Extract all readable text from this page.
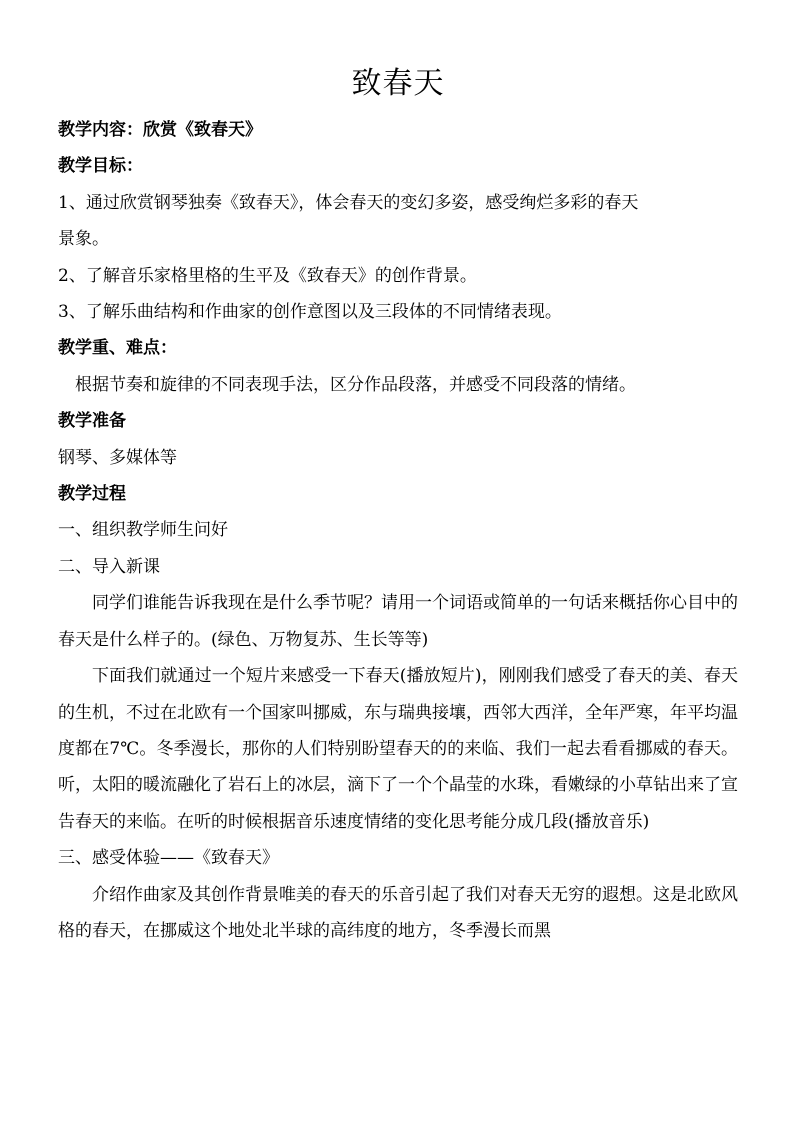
致春天

教学内容：欣赏《致春天》

教学目标：

1、通过欣赏钢琴独奏《致春天》，体会春天的变幻多姿，感受绚烂多彩的春天

景象。

2、了解音乐家格里格的生平及《致春天》的创作背景。

3、了解乐曲结构和作曲家的创作意图以及三段体的不同情绪表现。

教学重、难点：

根据节奏和旋律的不同表现手法，区分作品段落，并感受不同段落的情绪。

教学准备

钢琴、多媒体等

教学过程

一、组织教学师生问好

二、导入新课

同学们谁能告诉我现在是什么季节呢？请用一个词语或简单的一句话来概括你心目中的春天是什么样子的。(绿色、万物复苏、生长等等)

下面我们就通过一个短片来感受一下春天(播放短片)，刚刚我们感受了春天的美、春天的生机，不过在北欧有一个国家叫挪威，东与瑞典接壤，西邻大西洋，全年严寒，年平均温度都在7℃。冬季漫长，那你的人们特别盼望春天的的来临、我们一起去看看挪威的春天。听，太阳的暖流融化了岩石上的冰层，滴下了一个个晶莹的水珠，看嫩绿的小草钻出来了宣告春天的来临。在听的时候根据音乐速度情绪的变化思考能分成几段(播放音乐)

三、感受体验——《致春天》

介绍作曲家及其创作背景唯美的春天的乐音引起了我们对春天无穷的遐想。这是北欧风格的春天，在挪威这个地处北半球的高纬度的地方，冬季漫长而黑
